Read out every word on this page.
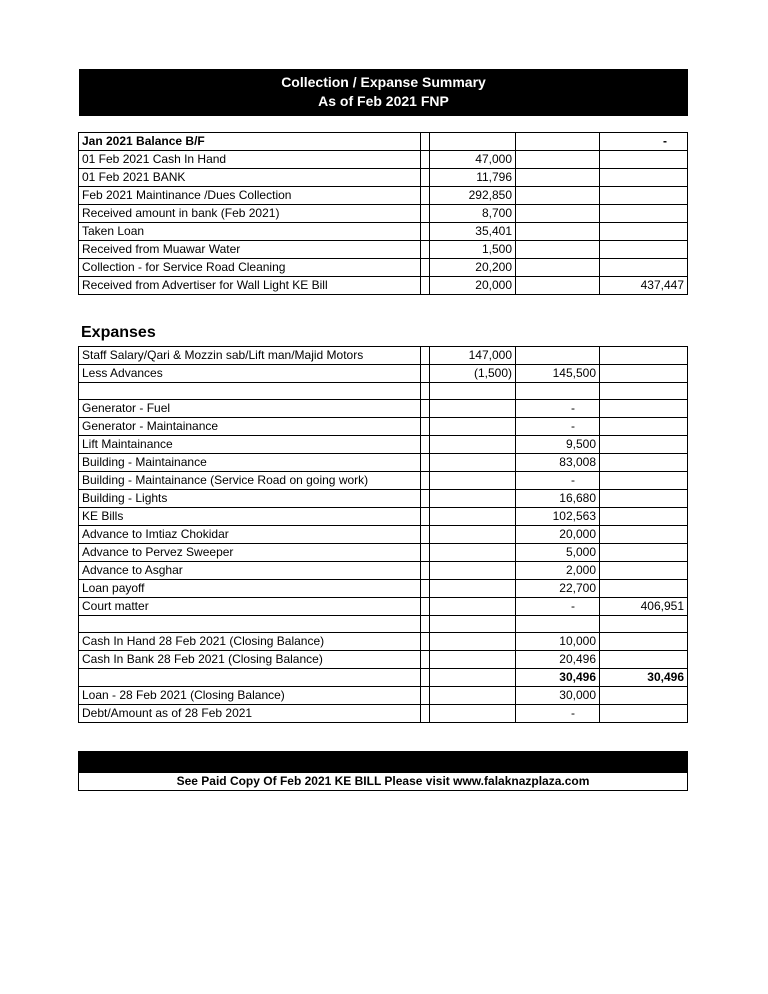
Collection / Expanse Summary
As of Feb 2021 FNP
Jan 2021 Balance B/F				-
01 Feb 2021 Cash In Hand		47,000		
01 Feb 2021 BANK		11,796		
Feb 2021 Maintinance /Dues Collection		292,850		
Received amount in bank (Feb 2021)		8,700		
Taken Loan		35,401		
Received from Muawar Water		1,500		
Collection - for Service Road Cleaning		20,200		
Received from Advertiser for Wall Light KE Bill		20,000		437,447
Expanses
Staff Salary/Qari & Mozzin sab/Lift man/Majid Motors		147,000		
Less Advances		(1,500)	145,500	

Generator - Fuel			-	
Generator - Maintainance			-	
Lift Maintainance			9,500	
Building - Maintainance			83,008	
Building - Maintainance (Service Road on going work)			-	
Building - Lights			16,680	
KE Bills			102,563	
Advance to Imtiaz Chokidar			20,000	
Advance to Pervez Sweeper			5,000	
Advance to Asghar			2,000	
Loan payoff			22,700	
Court matter			-	406,951

Cash In Hand 28 Feb 2021 (Closing Balance)			10,000	
Cash In Bank 28 Feb 2021 (Closing Balance)			20,496	
			30,496	30,496
Loan - 28 Feb 2021 (Closing Balance)			30,000	
Debt/Amount as of 28 Feb 2021			-	
See Paid Copy Of Feb 2021 KE BILL Please visit www.falaknazplaza.com
